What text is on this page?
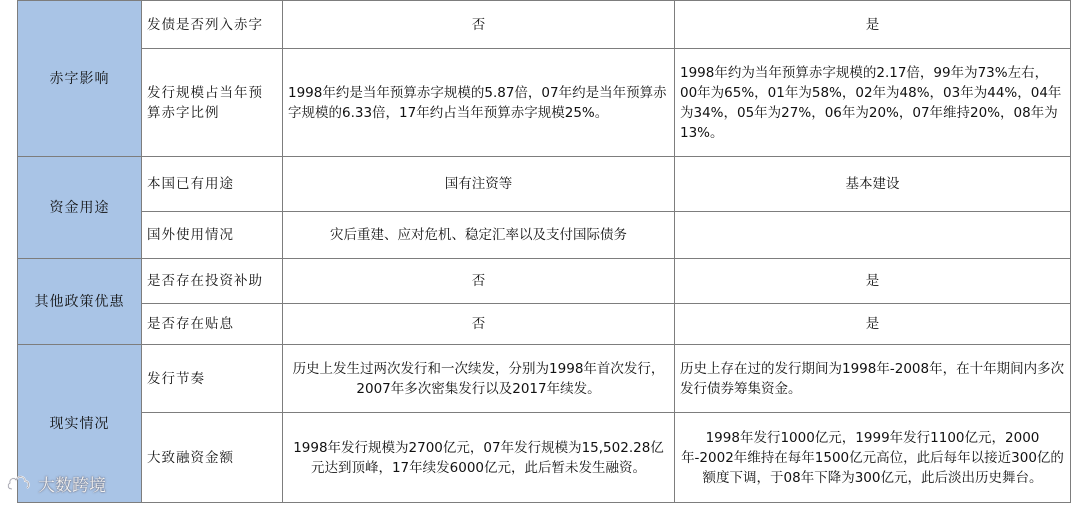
赤字影响	发债是否列入赤字	否	是
	发行规模占当年预算赤字比例	1998年约是当年预算赤字规模的5.87倍，07年约是当年预算赤字规模的6.33倍，17年约占当年预算赤字规模25%。	1998年约为当年预算赤字规模的2.17倍，99年为73%左右，00年为65%，01年为58%，02年为48%，03年为44%，04年为34%，05年为27%，06年为20%，07年维持20%，08年为13%。
资金用途	本国已有用途	国有注资等	基本建设
	国外使用情况	灾后重建、应对危机、稳定汇率以及支付国际债务	
其他政策优惠	是否存在投资补助	否	是
	是否存在贴息	否	是
现实情况	发行节奏	历史上发生过两次发行和一次续发，分别为1998年首次发行，2007年多次密集发行以及2017年续发。	历史上存在过的发行期间为1998年-2008年，在十年期间内多次发行债券筹集资金。
	大致融资金额	1998年发行规模为2700亿元，07年发行规模为15,502.28亿元达到顶峰，17年续发6000亿元，此后暂未发生融资。	1998年发行1000亿元，1999年发行1100亿元，2000年-2002年维持在每年1500亿元高位，此后每年以接近300亿的额度下调，于08年下降为300亿元，此后淡出历史舞台。
大数跨境
